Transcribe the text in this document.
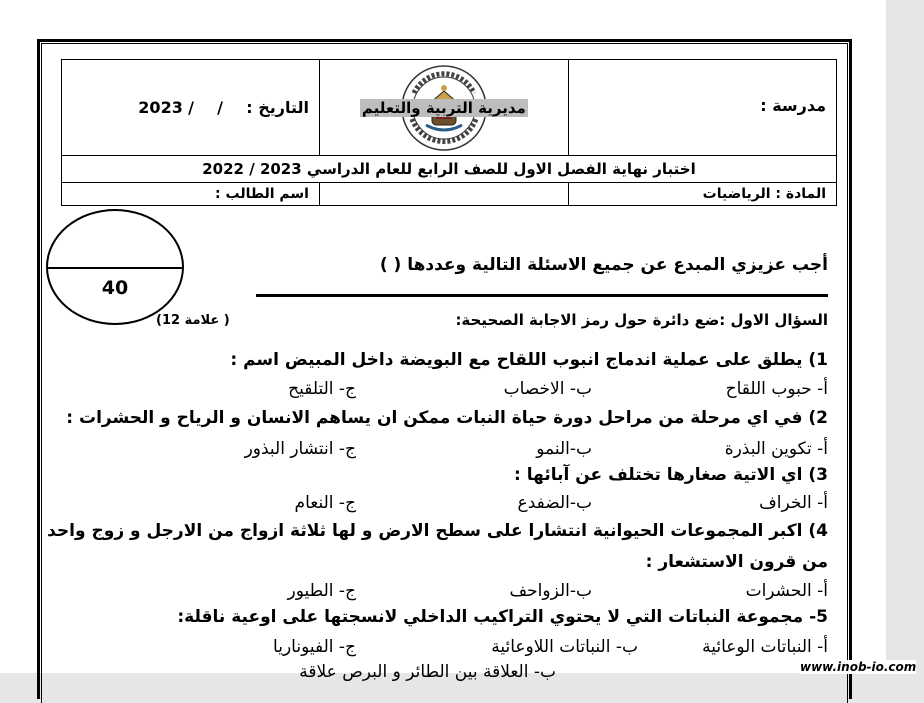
مدرسة :	مديرية التربية والتعليم	التاريخ : / / 2023
اختبار نهاية الفصل الاول للصف الرابع للعام الدراسي 2023 / 2022		
المادة : الرياضيات		اسم الطالب :
40
أجب عزيزي المبدع عن جميع الاسئلة التالية وعددها ( )
السؤال الاول :ضع دائرة حول رمز الاجابة الصحيحة:
(12 علامة )
1) يطلق على عملية اندماج انبوب اللقاح مع البويضة داخل المبيض اسم :
أ- حبوب اللقاح
ب- الاخصاب
ج- التلقيح
2) في اي مرحلة من مراحل دورة حياة النبات ممكن ان يساهم الانسان و الرياح و الحشرات :
أ- تكوين البذرة
ب-النمو
ج- انتشار البذور
3) اي الاتية صغارها تختلف عن آبائها :
أ- الخراف
ب-الضفدع
ج- النعام
4) اكبر المجموعات الحيوانية انتشارا على سطح الارض و لها ثلاثة ازواج من الارجل و زوج واحد
من قرون الاستشعار :
أ- الحشرات
ب-الزواحف
ج- الطيور
5- مجموعة النباتات التي لا يحتوي التراكيب الداخلي لانسجتها على اوعية ناقلة:
أ- النباتات الوعائية
ب- النباتات اللاوعائية
ج- الفيوناريا
ب- العلاقة بين الطائر و البرص علاقة	www.inob-io.com
